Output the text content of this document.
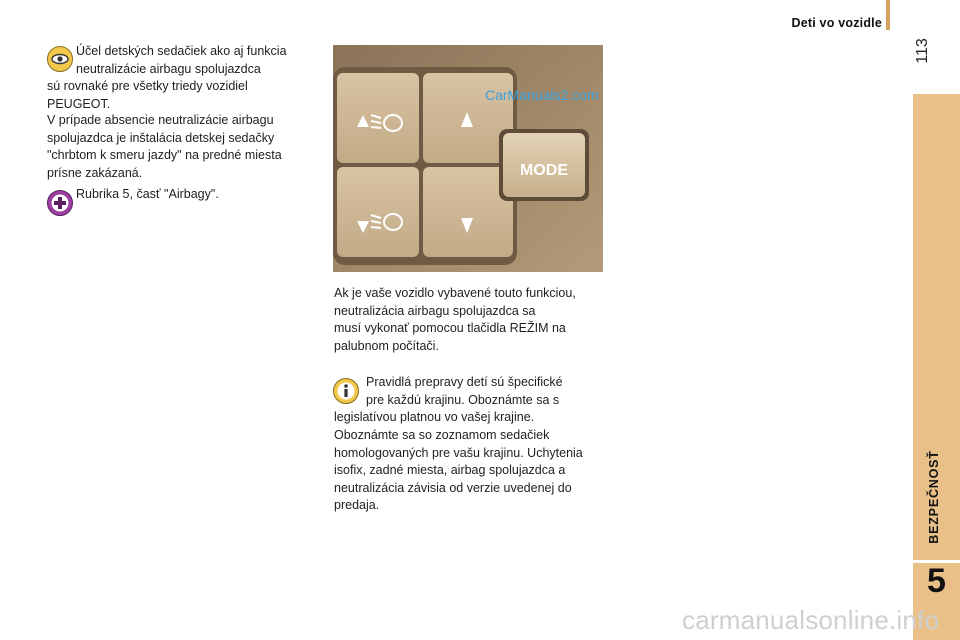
Deti vo vozidle
113
BEZPEČNOSŤ
5

Účel detských sedačiek ako aj funkcia

neutralizácie airbagu spolujazdca

sú rovnaké pre všetky triedy vozidiel

PEUGEOT.

V prípade absencie neutralizácie airbagu

spolujazdca je inštalácia detskej sedačky

"chrbtom k smeru jazdy" na predné miesta

prísne zakázaná.

Rubrika 5, časť "Airbagy".
MODE
CarManuals2.com

Ak je vaše vozidlo vybavené touto funkciou,

neutralizácia airbagu spolujazdca sa

musí vykonať pomocou tlačidla REŽIM na

palubnom počítači.

Pravidlá prepravy detí sú špecifické

pre každú krajinu. Oboznámte sa s

legislatívou platnou vo vašej krajine.

Oboznámte sa so zoznamom sedačiek

homologovaných pre vašu krajinu. Uchytenia

isofix, zadné miesta, airbag spolujazdca a

neutralizácia závisia od verzie uvedenej do

predaja.

carmanualsonline.info
